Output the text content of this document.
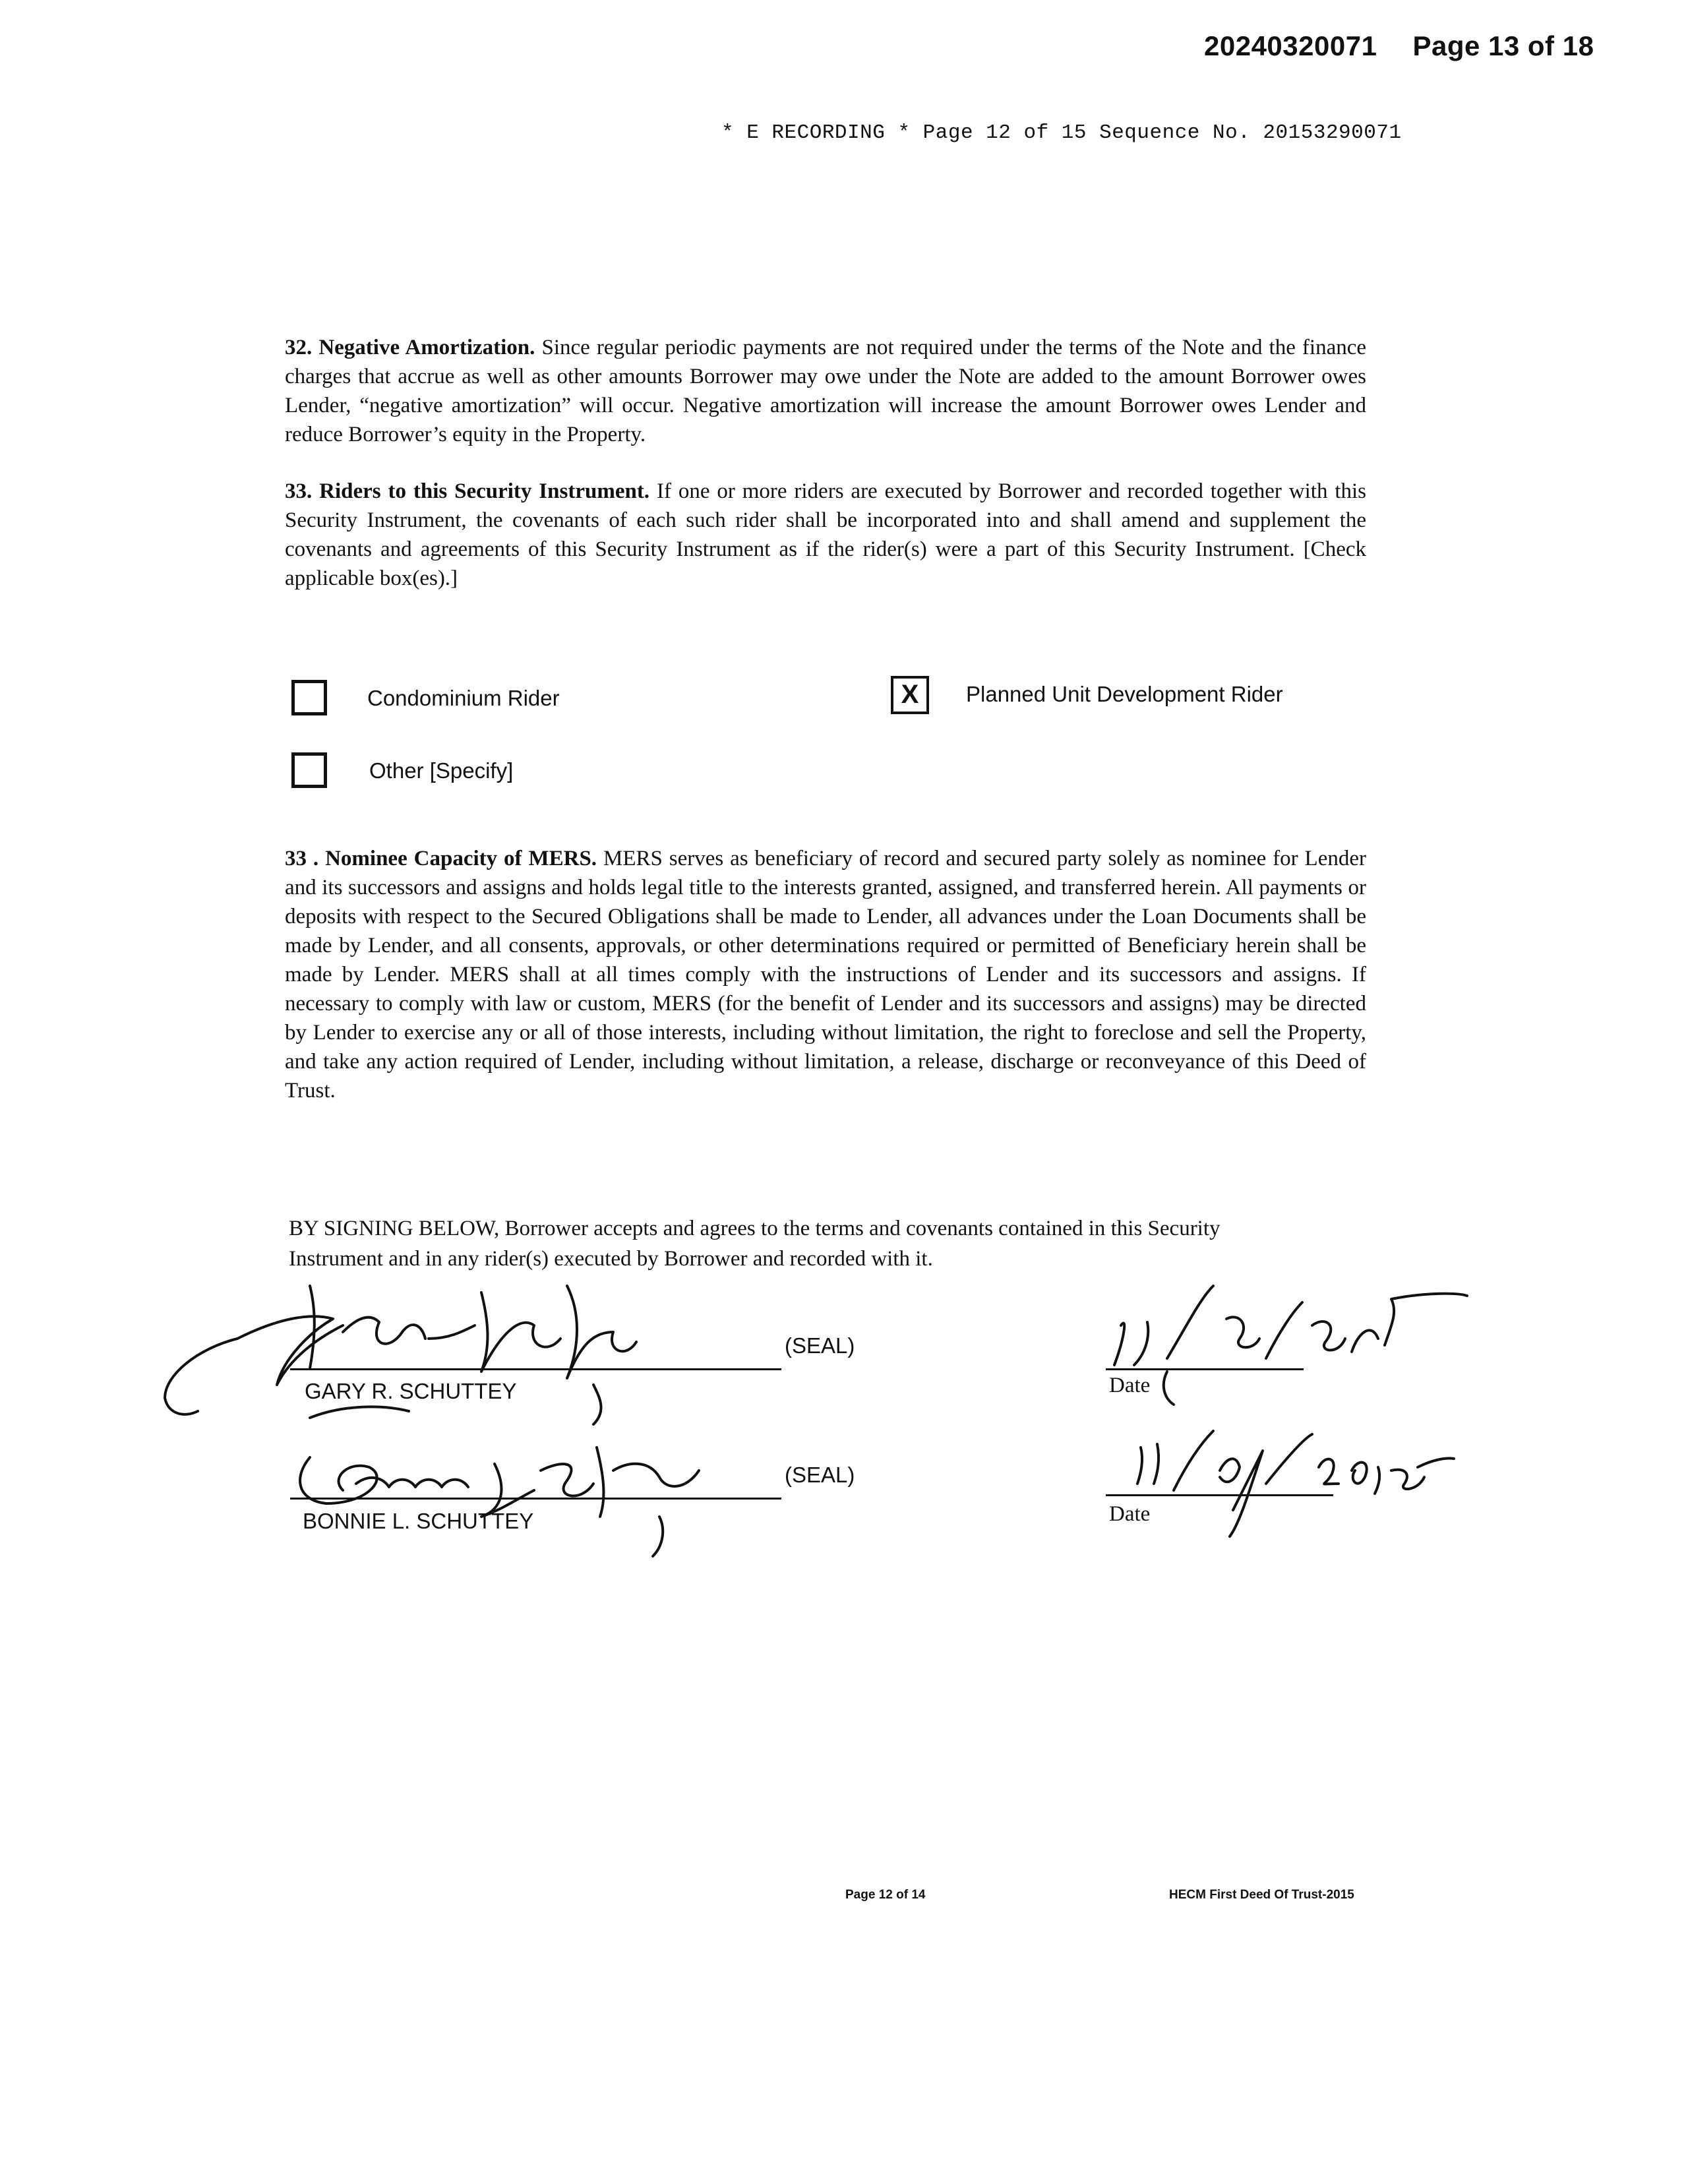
20240320071 Page 13 of 18
* E RECORDING * Page 12 of 15 Sequence No. 20153290071
32. Negative Amortization. Since regular periodic payments are not required under the terms of the Note and the finance charges that accrue as well as other amounts Borrower may owe under the Note are added to the amount Borrower owes Lender, “negative amortization” will occur. Negative amortization will increase the amount Borrower owes Lender and reduce Borrower’s equity in the Property.
33. Riders to this Security Instrument. If one or more riders are executed by Borrower and recorded together with this Security Instrument, the covenants of each such rider shall be incorporated into and shall amend and supplement the covenants and agreements of this Security Instrument as if the rider(s) were a part of this Security Instrument. [Check applicable box(es).]
Condominium Rider	X	Planned Unit Development Rider
Other [Specify]
33 . Nominee Capacity of MERS. MERS serves as beneficiary of record and secured party solely as nominee for Lender and its successors and assigns and holds legal title to the interests granted, assigned, and transferred herein. All payments or deposits with respect to the Secured Obligations shall be made to Lender, all advances under the Loan Documents shall be made by Lender, and all consents, approvals, or other determinations required or permitted of Beneficiary herein shall be made by Lender. MERS shall at all times comply with the instructions of Lender and its successors and assigns. If necessary to comply with law or custom, MERS (for the benefit of Lender and its successors and assigns) may be directed by Lender to exercise any or all of those interests, including without limitation, the right to foreclose and sell the Property, and take any action required of Lender, including without limitation, a release, discharge or reconveyance of this Deed of Trust.
BY SIGNING BELOW, Borrower accepts and agrees to the terms and covenants contained in this Security Instrument and in any rider(s) executed by Borrower and recorded with it.
(SEAL)
GARY R. SCHUTTEY
(SEAL)
BONNIE L. SCHUTTEY
Date
Date
Page 12 of 14	HECM First Deed Of Trust-2015
